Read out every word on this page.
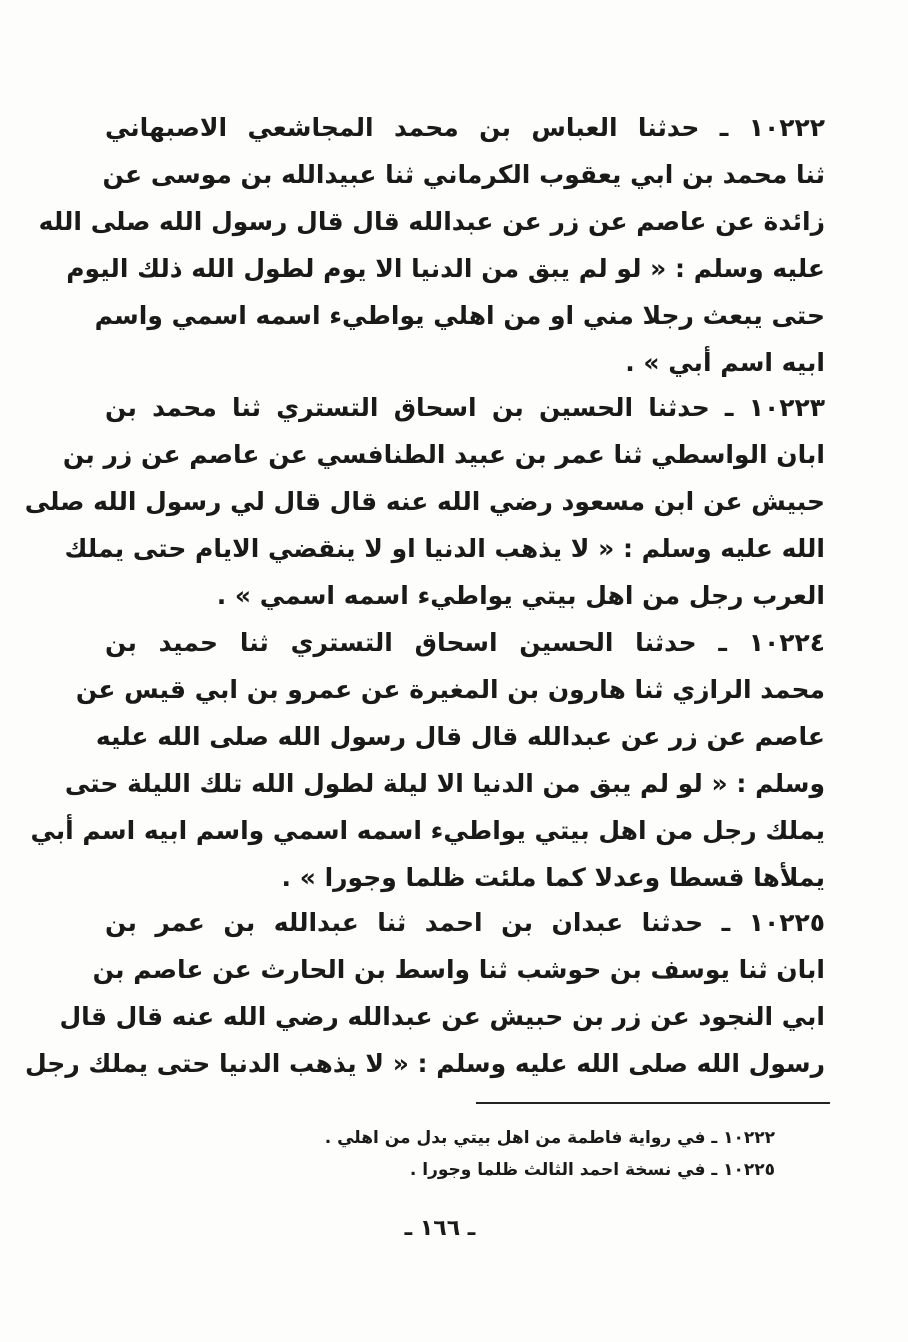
١٠٢٢٢ ـ حدثنا العباس بن محمد المجاشعي الاصبهاني
ثنا محمد بن ابي يعقوب الكرماني ثنا عبيدالله بن موسى عن
زائدة عن عاصم عن زر عن عبدالله قال قال رسول الله صلى الله
عليه وسلم : « لو لم يبق من الدنيا الا يوم لطول الله ذلك اليوم
حتى يبعث رجلا مني او من اهلي يواطيء اسمه اسمي واسم
ابيه اسم أبي » .
١٠٢٢٣ ـ حدثنا الحسين بن اسحاق التستري ثنا محمد بن
ابان الواسطي ثنا عمر بن عبيد الطنافسي عن عاصم عن زر بن
حبيش عن ابن مسعود رضي الله عنه قال قال لي رسول الله صلى
الله عليه وسلم : « لا يذهب الدنيا او لا ينقضي الايام حتى يملك
العرب رجل من اهل بيتي يواطيء اسمه اسمي » .
١٠٢٢٤ ـ حدثنا الحسين اسحاق التستري ثنا حميد بن
محمد الرازي ثنا هارون بن المغيرة عن عمرو بن ابي قيس عن
عاصم عن زر عن عبدالله قال قال رسول الله صلى الله عليه
وسلم : « لو لم يبق من الدنيا الا ليلة لطول الله تلك الليلة حتى
يملك رجل من اهل بيتي يواطيء اسمه اسمي واسم ابيه اسم أبي
يملأها قسطا وعدلا كما ملئت ظلما وجورا » .
١٠٢٢٥ ـ حدثنا عبدان بن احمد ثنا عبدالله بن عمر بن
ابان ثنا يوسف بن حوشب ثنا واسط بن الحارث عن عاصم بن
ابي النجود عن زر بن حبيش عن عبدالله رضي الله عنه قال قال
رسول الله صلى الله عليه وسلم : « لا يذهب الدنيا حتى يملك رجل
١٠٢٢٢ ـ في رواية فاطمة من اهل بيتي بدل من اهلي .
١٠٢٢٥ ـ في نسخة احمد الثالث ظلما وجورا .
ـ ١٦٦ ـ
